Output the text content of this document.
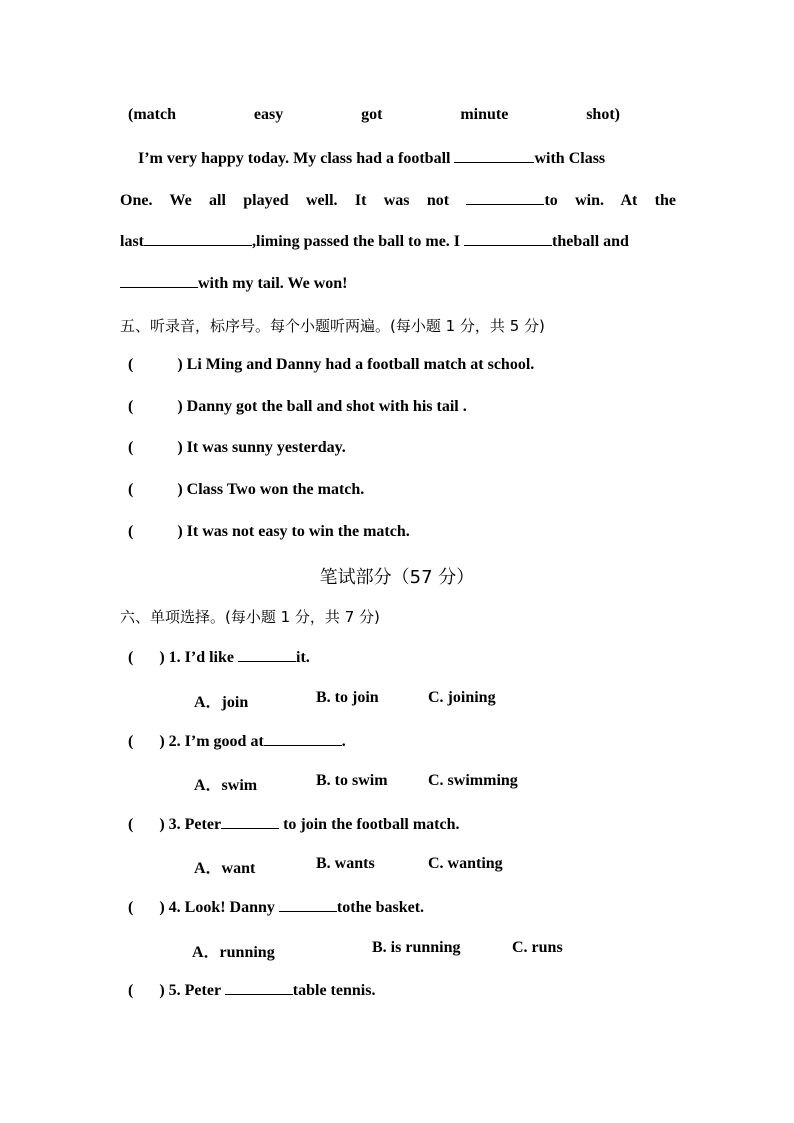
(match	easy	got	minute	shot)
I’m very happy today. My class had a football	with Class
One. We all played well. It was not	to win. At the
last	,liming passed the ball to me. I	theball and
with my tail. We won!
五、听录音，标序号。每个小题听两遍。(每小题 1 分，共 5 分)
(	) Li Ming and Danny had a football match at school.
(	) Danny got the ball and shot with his tail .
(	) It was sunny yesterday.
(	) Class Two won the match.
(	) It was not easy to win the match.
笔试部分（57 分）
六、单项选择。(每小题 1 分，共 7 分)
( ) 1. I’d like	it.
A．join	B. to join	C. joining
( ) 2. I’m good at	.
A．swim	B. to swim	C. swimming
( ) 3. Peter	to join the football match.
A．want	B. wants	C. wanting
( ) 4. Look! Danny	tothe basket.
A．running	B. is running	C. runs
( ) 5. Peter	table tennis.
